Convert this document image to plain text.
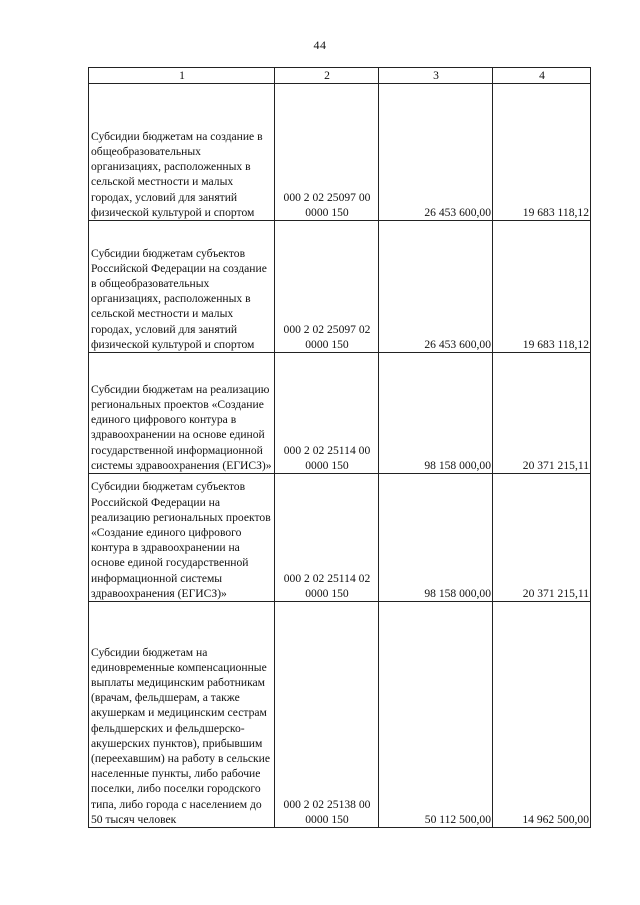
44
1	2	3	4
Субсидии бюджетам на создание в общеобразовательных организациях, расположенных в сельской местности и малых городах, условий для занятий физической культурой и спортом	000 2 02 25097 00 0000 150	26 453 600,00	19 683 118,12
Субсидии бюджетам субъектов Российской Федерации на создание в общеобразовательных организациях, расположенных в сельской местности и малых городах, условий для занятий физической культурой и спортом	000 2 02 25097 02 0000 150	26 453 600,00	19 683 118,12
Субсидии бюджетам на реализацию региональных проектов «Создание единого цифрового контура в здравоохранении на основе единой государственной информационной системы здравоохранения (ЕГИСЗ)»	000 2 02 25114 00 0000 150	98 158 000,00	20 371 215,11
Субсидии бюджетам субъектов Российской Федерации на реализацию региональных проектов «Создание единого цифрового контура в здравоохранении на основе единой государственной информационной системы здравоохранения (ЕГИСЗ)»	000 2 02 25114 02 0000 150	98 158 000,00	20 371 215,11
Субсидии бюджетам на единовременные компенсационные выплаты медицинским работникам (врачам, фельдшерам, а также акушеркам и медицинским сестрам фельдшерских и фельдшерско-акушерских пунктов), прибывшим (переехавшим) на работу в сельские населенные пункты, либо рабочие поселки, либо поселки городского типа, либо города с населением до 50 тысяч человек	000 2 02 25138 00 0000 150	50 112 500,00	14 962 500,00
